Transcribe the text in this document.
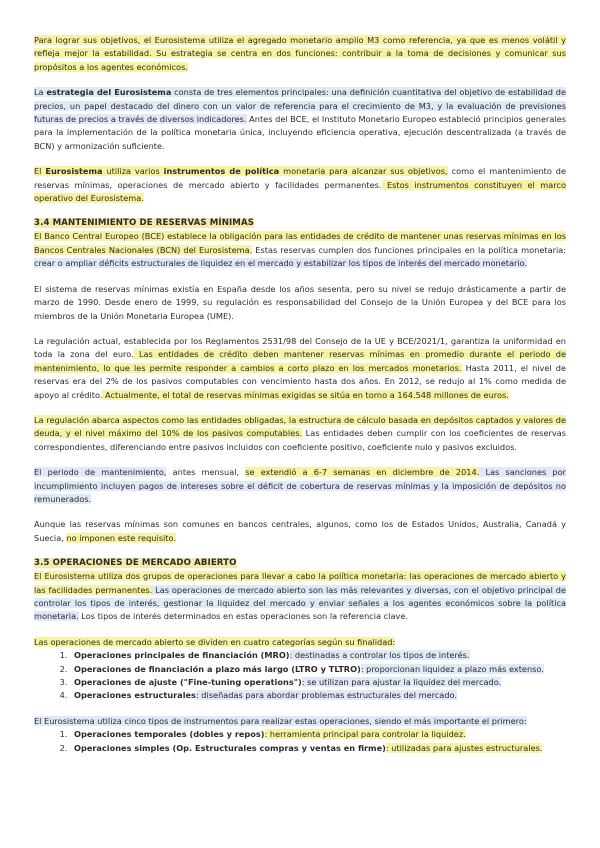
Para lograr sus objetivos, el Eurosistema utiliza el agregado monetario amplio M3 como referencia, ya que es menos volátil y refleja mejor la estabilidad. Su estrategia se centra en dos funciones: contribuir a la toma de decisiones y comunicar sus propósitos a los agentes económicos.

La estrategia del Eurosistema consta de tres elementos principales: una definición cuantitativa del objetivo de estabilidad de precios, un papel destacado del dinero con un valor de referencia para el crecimiento de M3, y la evaluación de previsiones futuras de precios a través de diversos indicadores. Antes del BCE, el Instituto Monetario Europeo estableció principios generales para la implementación de la política monetaria única, incluyendo eficiencia operativa, ejecución descentralizada (a través de BCN) y armonización suficiente.

El Eurosistema utiliza varios instrumentos de política monetaria para alcanzar sus objetivos, como el mantenimiento de reservas mínimas, operaciones de mercado abierto y facilidades permanentes. Estos instrumentos constituyen el marco operativo del Eurosistema.

3.4 MANTENIMIENTO DE RESERVAS MÍNIMAS

El Banco Central Europeo (BCE) establece la obligación para las entidades de crédito de mantener unas reservas mínimas en los Bancos Centrales Nacionales (BCN) del Eurosistema. Estas reservas cumplen dos funciones principales en la política monetaria: crear o ampliar déficits estructurales de liquidez en el mercado y estabilizar los tipos de interés del mercado monetario.

El sistema de reservas mínimas existía en España desde los años sesenta, pero su nivel se redujo drásticamente a partir de marzo de 1990. Desde enero de 1999, su regulación es responsabilidad del Consejo de la Unión Europea y del BCE para los miembros de la Unión Monetaria Europea (UME).

La regulación actual, establecida por los Reglamentos 2531/98 del Consejo de la UE y BCE/2021/1, garantiza la uniformidad en toda la zona del euro. Las entidades de crédito deben mantener reservas mínimas en promedio durante el periodo de mantenimiento, lo que les permite responder a cambios a corto plazo en los mercados monetarios. Hasta 2011, el nivel de reservas era del 2% de los pasivos computables con vencimiento hasta dos años. En 2012, se redujo al 1% como medida de apoyo al crédito. Actualmente, el total de reservas mínimas exigidas se sitúa en torno a 164.548 millones de euros.

La regulación abarca aspectos como las entidades obligadas, la estructura de cálculo basada en depósitos captados y valores de deuda, y el nivel máximo del 10% de los pasivos computables. Las entidades deben cumplir con los coeficientes de reservas correspondientes, diferenciando entre pasivos incluidos con coeficiente positivo, coeficiente nulo y pasivos excluidos.

El periodo de mantenimiento, antes mensual, se extendió a 6-7 semanas en diciembre de 2014. Las sanciones por incumplimiento incluyen pagos de intereses sobre el déficit de cobertura de reservas mínimas y la imposición de depósitos no remunerados.

Aunque las reservas mínimas son comunes en bancos centrales, algunos, como los de Estados Unidos, Australia, Canadá y Suecia, no imponen este requisito.

3.5 OPERACIONES DE MERCADO ABIERTO

El Eurosistema utiliza dos grupos de operaciones para llevar a cabo la política monetaria: las operaciones de mercado abierto y las facilidades permanentes. Las operaciones de mercado abierto son las más relevantes y diversas, con el objetivo principal de controlar los tipos de interés, gestionar la liquidez del mercado y enviar señales a los agentes económicos sobre la política monetaria. Los tipos de interés determinados en estas operaciones son la referencia clave.

Las operaciones de mercado abierto se dividen en cuatro categorías según su finalidad:

1. Operaciones principales de financiación (MRO): destinadas a controlar los tipos de interés.
2. Operaciones de financiación a plazo más largo (LTRO y TLTRO): proporcionan liquidez a plazo más extenso.
3. Operaciones de ajuste ("Fine-tuning operations"): se utilizan para ajustar la liquidez del mercado.
4. Operaciones estructurales: diseñadas para abordar problemas estructurales del mercado.

El Eurosistema utiliza cinco tipos de instrumentos para realizar estas operaciones, siendo el más importante el primero:

1. Operaciones temporales (dobles y repos): herramienta principal para controlar la liquidez.
2. Operaciones simples (Op. Estructurales compras y ventas en firme): utilizadas para ajustes estructurales.
